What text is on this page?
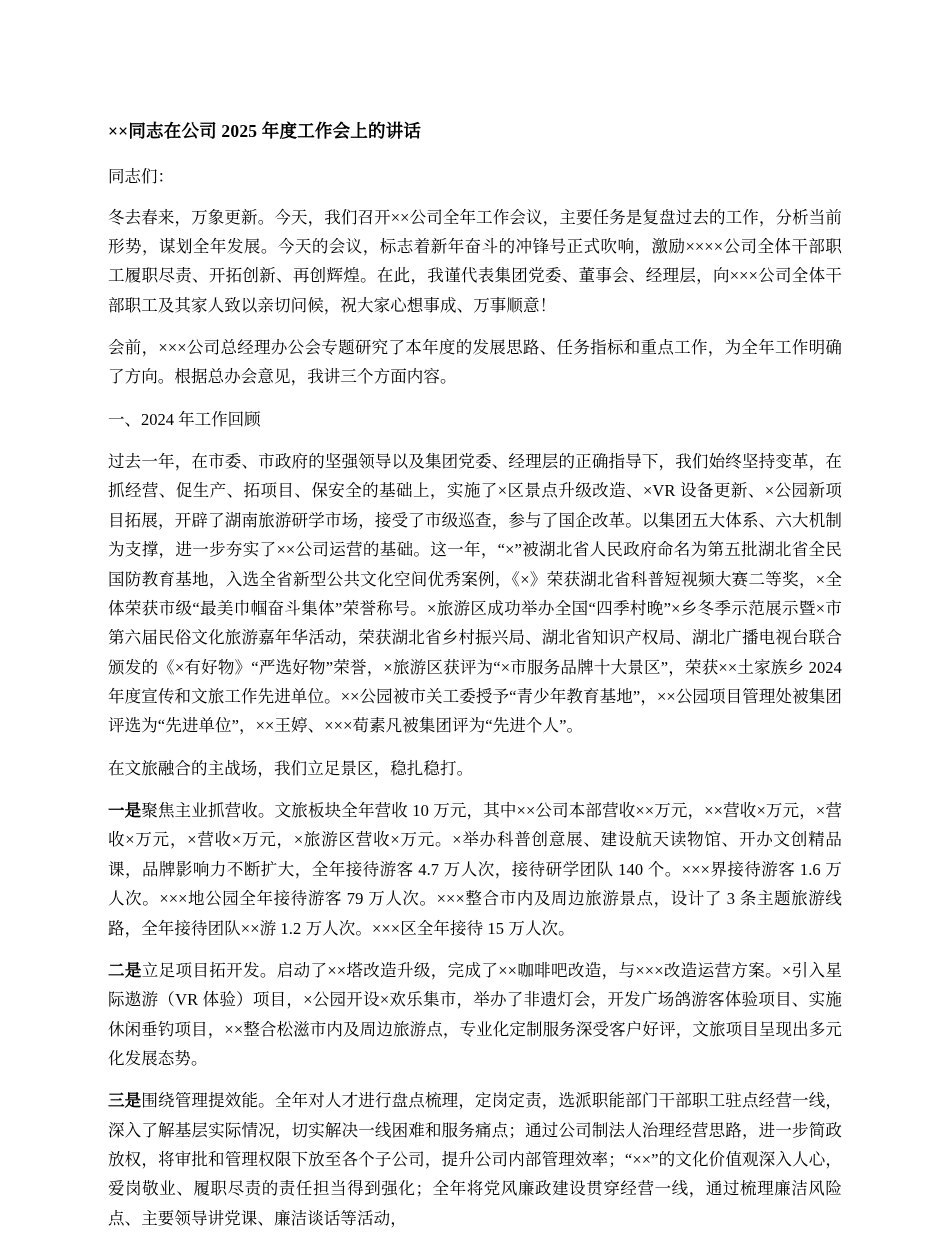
××同志在公司 2025 年度工作会上的讲话

同志们：

冬去春来，万象更新。今天，我们召开××公司全年工作会议，主要任务是复盘过去的工作，分析当前形势，谋划全年发展。今天的会议，标志着新年奋斗的冲锋号正式吹响，激励××××公司全体干部职工履职尽责、开拓创新、再创辉煌。在此，我谨代表集团党委、董事会、经理层，向×××公司全体干部职工及其家人致以亲切问候，祝大家心想事成、万事顺意！

会前，×××公司总经理办公会专题研究了本年度的发展思路、任务指标和重点工作，为全年工作明确了方向。根据总办会意见，我讲三个方面内容。

一、2024 年工作回顾

过去一年，在市委、市政府的坚强领导以及集团党委、经理层的正确指导下，我们始终坚持变革，在抓经营、促生产、拓项目、保安全的基础上，实施了×区景点升级改造、×VR 设备更新、×公园新项目拓展，开辟了湖南旅游研学市场，接受了市级巡查，参与了国企改革。以集团五大体系、六大机制为支撑，进一步夯实了××公司运营的基础。这一年，“×”被湖北省人民政府命名为第五批湖北省全民国防教育基地，入选全省新型公共文化空间优秀案例，《×》荣获湖北省科普短视频大赛二等奖，×全体荣获市级“最美巾帼奋斗集体”荣誉称号。×旅游区成功举办全国“四季村晚”×乡冬季示范展示暨×市第六届民俗文化旅游嘉年华活动，荣获湖北省乡村振兴局、湖北省知识产权局、湖北广播电视台联合颁发的《×有好物》“严选好物”荣誉，×旅游区获评为“×市服务品牌十大景区”，荣获××土家族乡 2024 年度宣传和文旅工作先进单位。××公园被市关工委授予“青少年教育基地”，××公园项目管理处被集团评选为“先进单位”，××王婷、×××荀素凡被集团评为“先进个人”。

在文旅融合的主战场，我们立足景区，稳扎稳打。

一是聚焦主业抓营收。文旅板块全年营收 10 万元，其中××公司本部营收××万元，××营收×万元，×营收×万元，×营收×万元，×旅游区营收×万元。×举办科普创意展、建设航天读物馆、开办文创精品课，品牌影响力不断扩大，全年接待游客 4.7 万人次，接待研学团队 140 个。×××界接待游客 1.6 万人次。×××地公园全年接待游客 79 万人次。×××整合市内及周边旅游景点，设计了 3 条主题旅游线路，全年接待团队××游 1.2 万人次。×××区全年接待 15 万人次。

二是立足项目拓开发。启动了××塔改造升级，完成了××咖啡吧改造，与×××改造运营方案。×引入星际遨游（VR 体验）项目，×公园开设×欢乐集市，举办了非遗灯会，开发广场鸽游客体验项目、实施休闲垂钓项目，××整合松滋市内及周边旅游点，专业化定制服务深受客户好评，文旅项目呈现出多元化发展态势。

三是围绕管理提效能。全年对人才进行盘点梳理，定岗定责，选派职能部门干部职工驻点经营一线，深入了解基层实际情况，切实解决一线困难和服务痛点；通过公司制法人治理经营思路，进一步简政放权，将审批和管理权限下放至各个子公司，提升公司内部管理效率；“××”的文化价值观深入人心，爱岗敬业、履职尽责的责任担当得到强化；全年将党风廉政建设贯穿经营一线，通过梳理廉洁风险点、主要领导讲党课、廉洁谈话等活动，
